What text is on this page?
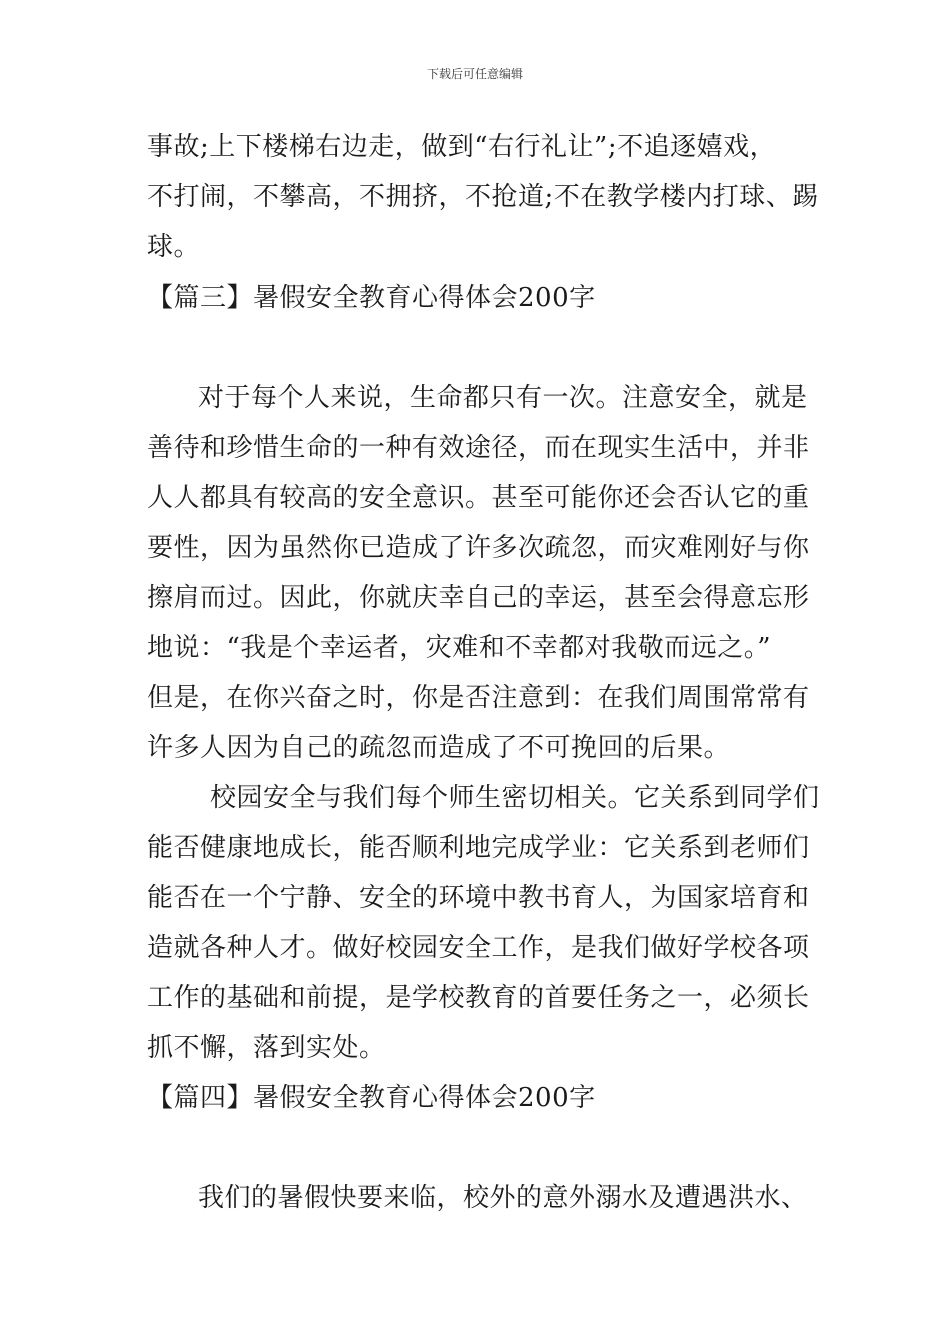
下载后可任意编辑
事故;上下楼梯右边走，做到“右行礼让”;不追逐嬉戏，
不打闹，不攀高，不拥挤，不抢道;不在教学楼内打球、踢
球。
【篇三】暑假安全教育心得体会200字
对于每个人来说，生命都只有一次。注意安全，就是
善待和珍惜生命的一种有效途径，而在现实生活中，并非
人人都具有较高的安全意识。甚至可能你还会否认它的重
要性，因为虽然你已造成了许多次疏忽，而灾难刚好与你
擦肩而过。因此，你就庆幸自己的幸运，甚至会得意忘形
地说：“我是个幸运者，灾难和不幸都对我敬而远之。”
但是，在你兴奋之时，你是否注意到：在我们周围常常有
许多人因为自己的疏忽而造成了不可挽回的后果。
校园安全与我们每个师生密切相关。它关系到同学们
能否健康地成长，能否顺利地完成学业：它关系到老师们
能否在一个宁静、安全的环境中教书育人，为国家培育和
造就各种人才。做好校园安全工作，是我们做好学校各项
工作的基础和前提，是学校教育的首要任务之一，必须长
抓不懈，落到实处。
【篇四】暑假安全教育心得体会200字
我们的暑假快要来临，校外的意外溺水及遭遇洪水、
